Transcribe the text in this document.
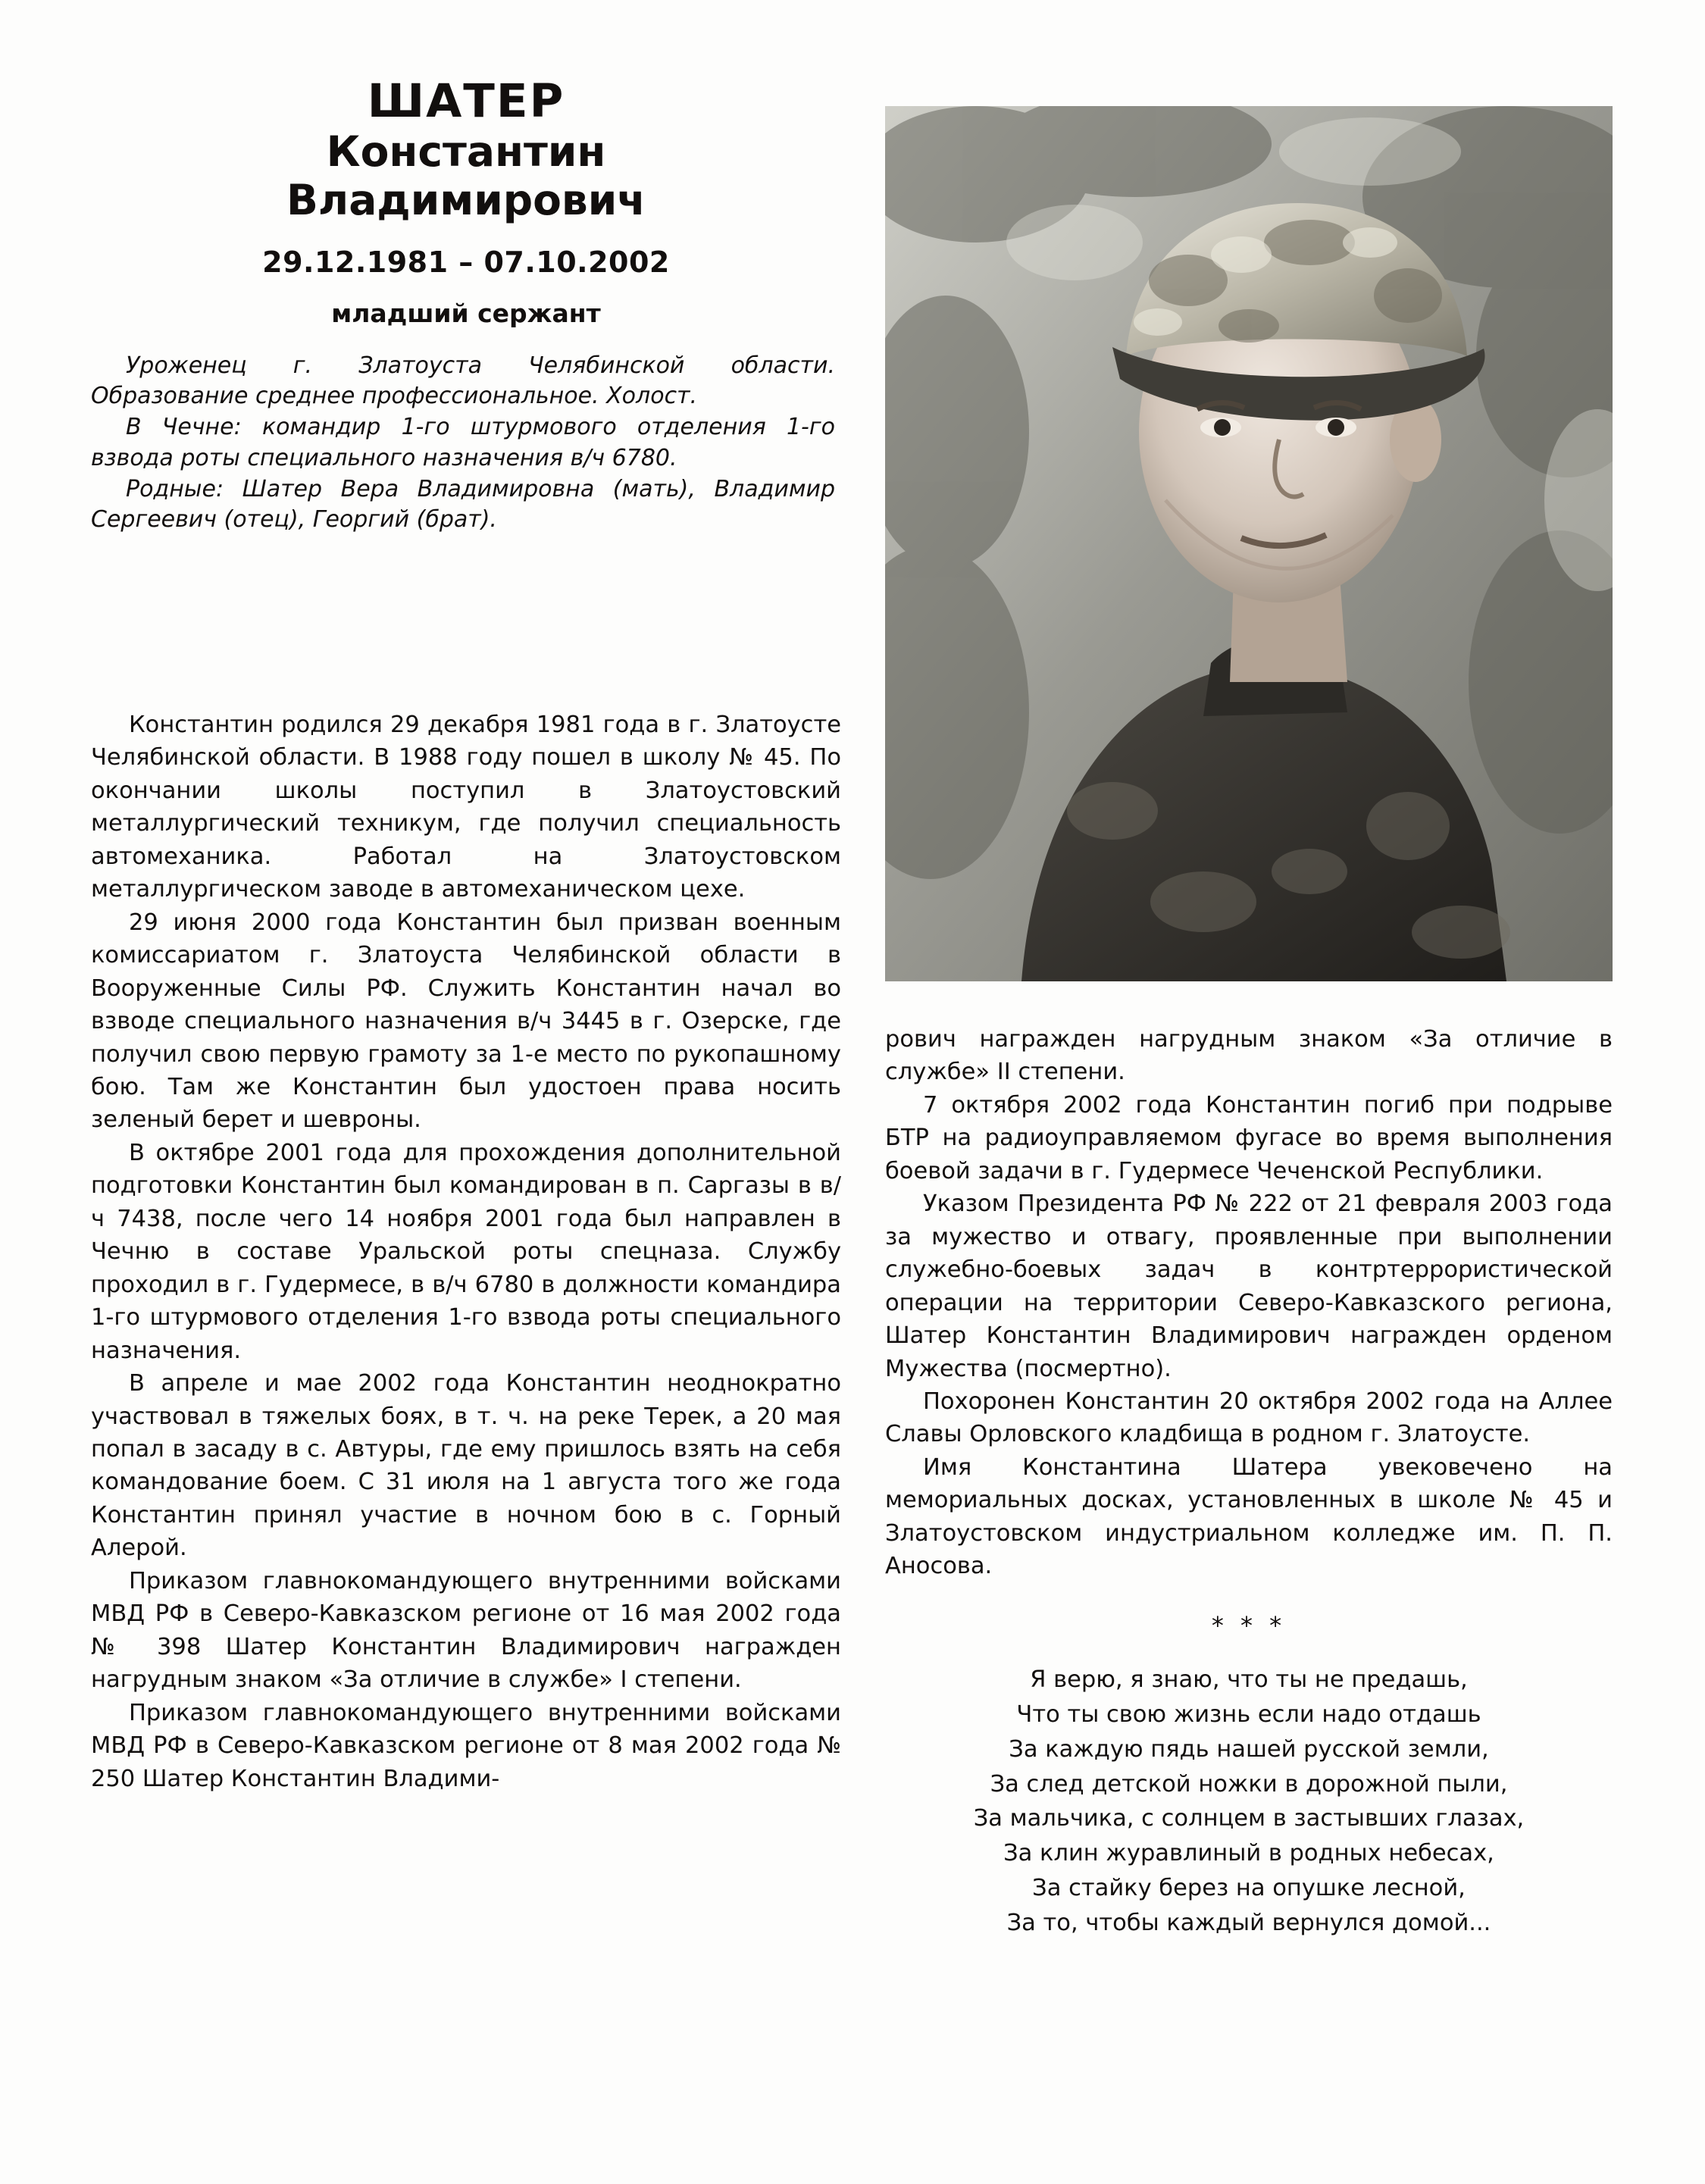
ШАТЕР
Константин
Владимирович
29.12.1981 – 07.10.2002
младший сержант

Уроженец г. Златоуста Челябинской области. Образование среднее профессиональное. Холост.

В Чечне: командир 1-го штурмового отделения 1-го взвода роты специального назначения в/ч 6780.

Родные: Шатер Вера Владимировна (мать), Владимир Сергеевич (отец), Георгий (брат).

Константин родился 29 декабря 1981 года в г. Златоусте Челябинской области. В 1988 году пошел в школу № 45. По окончании школы поступил в Златоустовский металлургический техникум, где получил специальность автомеханика. Работал на Златоустовском металлургическом заводе в автомеханическом цехе.

29 июня 2000 года Константин был призван военным комиссариатом г. Златоуста Челябинской области в Вооруженные Силы РФ. Служить Константин начал во взводе специального назначения в/ч 3445 в г. Озерске, где получил свою первую грамоту за 1-е место по рукопашному бою. Там же Константин был удостоен права носить зеленый берет и шевроны.

В октябре 2001 года для прохождения дополнительной подготовки Константин был командирован в п. Саргазы в в/ч 7438, после чего 14 ноября 2001 года был направлен в Чечню в составе Уральской роты спецназа. Службу проходил в г. Гудермесе, в в/ч 6780 в должности командира 1-го штурмового отделения 1-го взвода роты специального назначения.

В апреле и мае 2002 года Константин неоднократно участвовал в тяжелых боях, в т. ч. на реке Терек, а 20 мая попал в засаду в с. Автуры, где ему пришлось взять на себя командование боем. С 31 июля на 1 августа того же года Константин принял участие в ночном бою в с. Горный Алерой.

Приказом главнокомандующего внутренними войсками МВД РФ в Северо-Кавказском регионе от 16 мая 2002 года № 398 Шатер Константин Владимирович награжден нагрудным знаком «За отличие в службе» I степени.

Приказом главнокомандующего внутренними войсками МВД РФ в Северо-Кавказском регионе от 8 мая 2002 года № 250 Шатер Константин Владими-

рович награжден нагрудным знаком «За отличие в службе» II степени.

7 октября 2002 года Константин погиб при подрыве БТР на радиоуправляемом фугасе во время выполнения боевой задачи в г. Гудермесе Чеченской Республики.

Указом Президента РФ № 222 от 21 февраля 2003 года за мужество и отвагу, проявленные при выполнении служебно-боевых задач в контртеррористической операции на территории Северо-Кавказского региона, Шатер Константин Владимирович награжден орденом Мужества (посмертно).

Похоронен Константин 20 октября 2002 года на Аллее Славы Орловского кладбища в родном г. Златоусте.

Имя Константина Шатера увековечено на мемориальных досках, установленных в школе № 45 и Златоустовском индустриальном колледже им. П. П. Аносова.

* * *
Я верю, я знаю, что ты не предашь,
Что ты свою жизнь если надо отдашь
За каждую пядь нашей русской земли,
За след детской ножки в дорожной пыли,
За мальчика, с солнцем в застывших глазах,
За клин журавлиный в родных небесах,
За стайку берез на опушке лесной,
За то, чтобы каждый вернулся домой...
